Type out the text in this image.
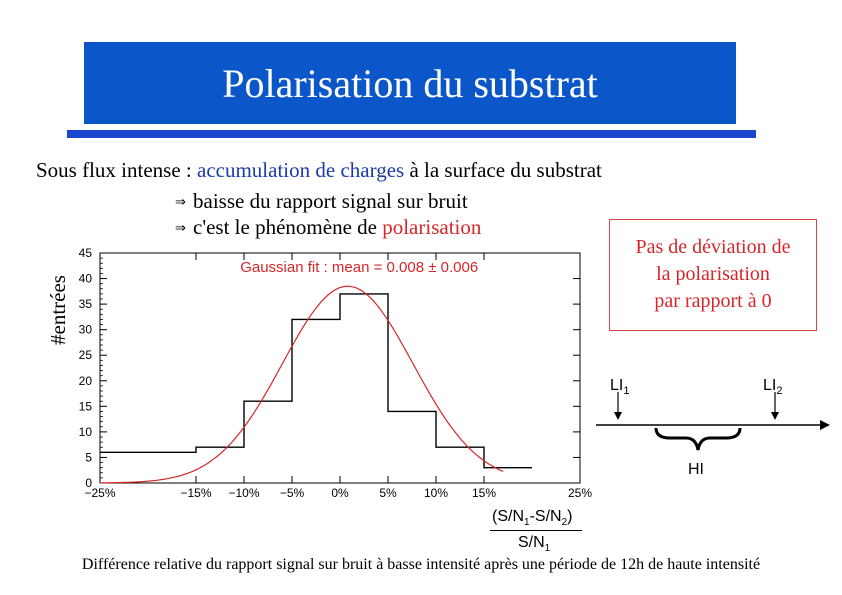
Polarisation du substrat
Sous flux intense : accumulation de charges à la surface du substrat
⇒ baisse du rapport signal sur bruit
⇒ c'est le phénomène de polarisation
Pas de déviation de
la polarisation
par rapport à 0
#entrées
0
5
10
15
20
25
30
35
40
45
−25%	−15% −10% −5% 0%	5% 10% 15%	25%
Gaussian fit : mean = 0.008 ± 0.006
$LI_1$	$LI_2$
HI
$(S/N_1-S/N_2)$
$S/N_1$
Différence relative du rapport signal sur bruit à basse intensité après une période de 12h de haute intensité
